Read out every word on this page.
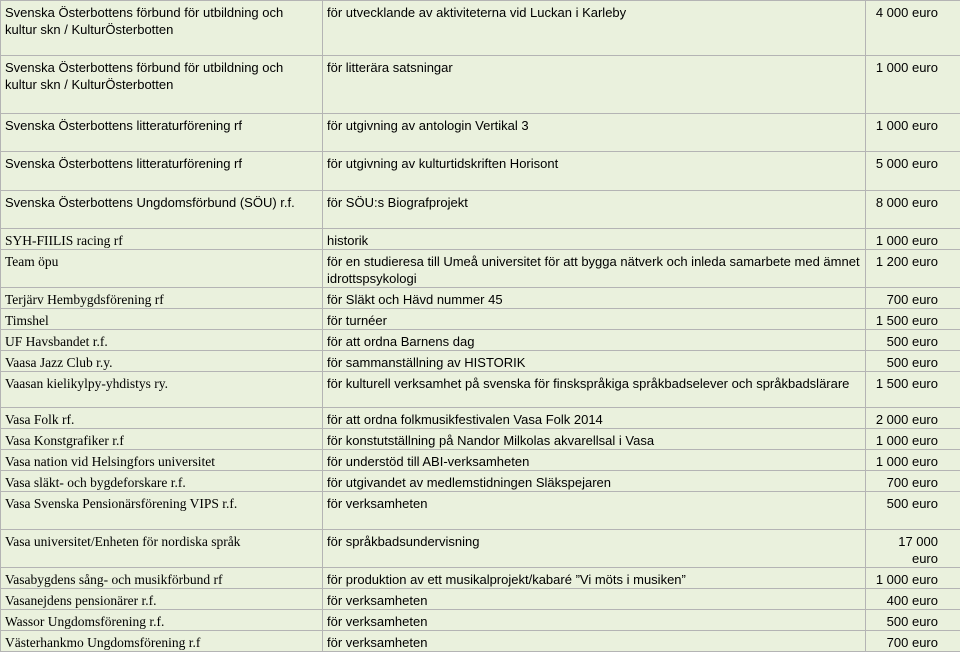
Svenska Österbottens förbund för utbildning och kultur skn / KulturÖsterbotten	för utvecklande av aktiviteterna vid Luckan i Karleby	4 000 euro
Svenska Österbottens förbund för utbildning och kultur skn / KulturÖsterbotten	för litterära satsningar	1 000 euro
Svenska Österbottens litteraturförening rf	för utgivning av antologin Vertikal 3	1 000 euro
Svenska Österbottens litteraturförening rf	för utgivning av kulturtidskriften Horisont	5 000 euro
Svenska Österbottens Ungdomsförbund (SÖU) r.f.	för SÖU:s Biografprojekt	8 000 euro
SYH-FIILIS racing rf	historik	1 000 euro
Team öpu	för en studieresa till Umeå universitet för att bygga nätverk och inleda samarbete med ämnet idrottspsykologi	1 200 euro
Terjärv Hembygdsförening rf	för Släkt och Hävd nummer 45	700 euro
Timshel	för turnéer	1 500 euro
UF Havsbandet r.f.	för att ordna Barnens dag	500 euro
Vaasa Jazz Club r.y.	för sammanställning av HISTORIK	500 euro
Vaasan kielikylpy-yhdistys ry.	för kulturell verksamhet på svenska för finskspråkiga språkbadselever och språkbadslärare	1 500 euro
Vasa Folk rf.	för att ordna folkmusikfestivalen Vasa Folk 2014	2 000 euro
Vasa Konstgrafiker r.f	för konstutställning på Nandor Milkolas akvarellsal i Vasa	1 000 euro
Vasa nation vid Helsingfors universitet	för understöd till ABI-verksamheten	1 000 euro
Vasa släkt- och bygdeforskare r.f.	för utgivandet av medlemstidningen Släkspejaren	700 euro
Vasa Svenska Pensionärsförening VIPS r.f.	för verksamheten	500 euro
Vasa universitet/Enheten för nordiska språk	för språkbadsundervisning	17 000 euro
Vasabygdens sång- och musikförbund rf	för produktion av ett musikalprojekt/kabaré ”Vi möts i musiken”	1 000 euro
Vasanejdens pensionärer r.f.	för verksamheten	400 euro
Wassor Ungdomsförening r.f.	för verksamheten	500 euro
Västerhankmo Ungdomsförening r.f	för verksamheten	700 euro
